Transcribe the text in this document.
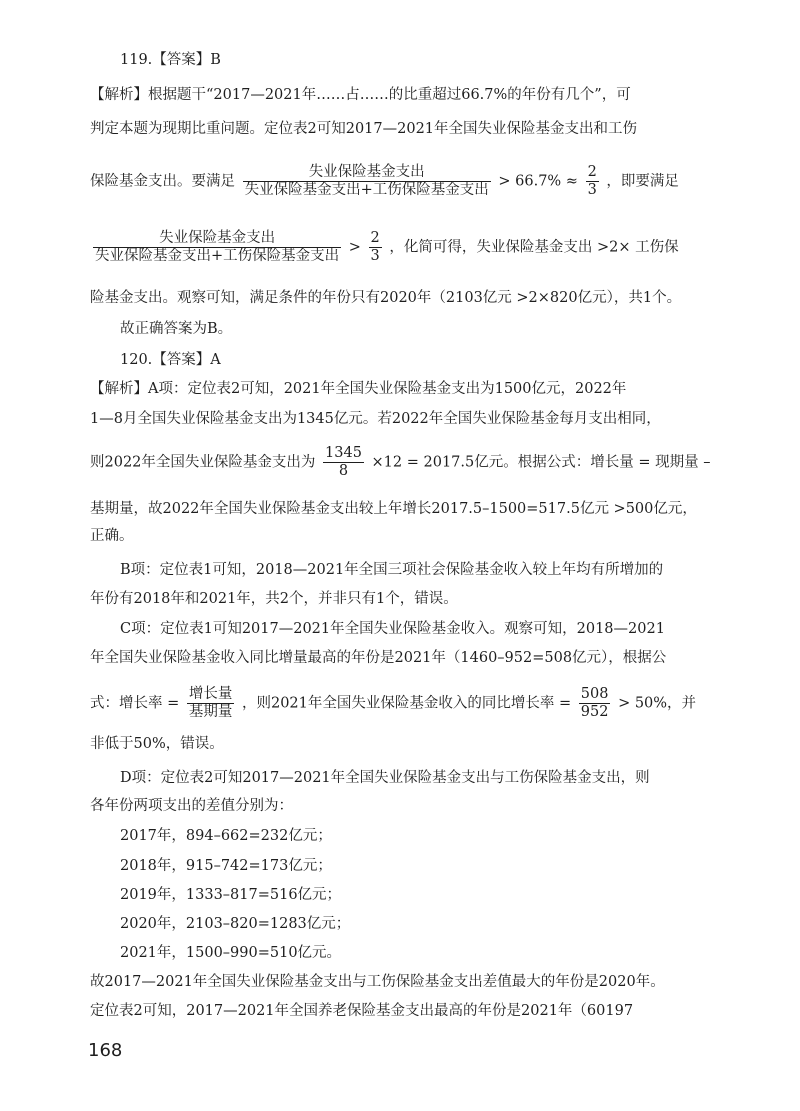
119.【答案】B
【解析】根据题干“2017—2021年……占……的比重超过66.7%的年份有几个”，可
判定本题为现期比重问题。定位表2可知2017—2021年全国失业保险基金支出和工伤
保险基金支出。要满足 $\frac{\text{失业保险基金支出}}{\text{失业保险基金支出+工伤保险基金支出}} > 66.7\% \approx \frac{2}{3}$ ，即要满足
$\frac{\text{失业保险基金支出}}{\text{失业保险基金支出+工伤保险基金支出}} > \frac{2}{3}$ ，化简可得，失业保险基金支出 >2× 工伤保
险基金支出。观察可知，满足条件的年份只有2020年（2103亿元 >2×820亿元），共1个。
故正确答案为B。
120.【答案】A
【解析】A项：定位表2可知，2021年全国失业保险基金支出为1500亿元，2022年
1—8月全国失业保险基金支出为1345亿元。若2022年全国失业保险基金每月支出相同，
则2022年全国失业保险基金支出为 $\frac{1345}{8} \times 12 = 2017.5$亿元。根据公式：增长量 = 现期量 –
基期量，故2022年全国失业保险基金支出较上年增长2017.5–1500=517.5亿元 >500亿元，
正确。
B项：定位表1可知，2018—2021年全国三项社会保险基金收入较上年均有所增加的
年份有2018年和2021年，共2个，并非只有1个，错误。
C项：定位表1可知2017—2021年全国失业保险基金收入。观察可知，2018—2021
年全国失业保险基金收入同比增量最高的年份是2021年（1460–952=508亿元），根据公
式：增长率 = $\frac{\text{增长量}}{\text{基期量}}$ ，则2021年全国失业保险基金收入的同比增长率 = $\frac{508}{952} > 50\%$，并
非低于50%，错误。
D项：定位表2可知2017—2021年全国失业保险基金支出与工伤保险基金支出，则
各年份两项支出的差值分别为：
2017年，894–662=232亿元；
2018年，915–742=173亿元；
2019年，1333–817=516亿元；
2020年，2103–820=1283亿元；
2021年，1500–990=510亿元。
故2017—2021年全国失业保险基金支出与工伤保险基金支出差值最大的年份是2020年。
定位表2可知，2017—2021年全国养老保险基金支出最高的年份是2021年（60197
168
